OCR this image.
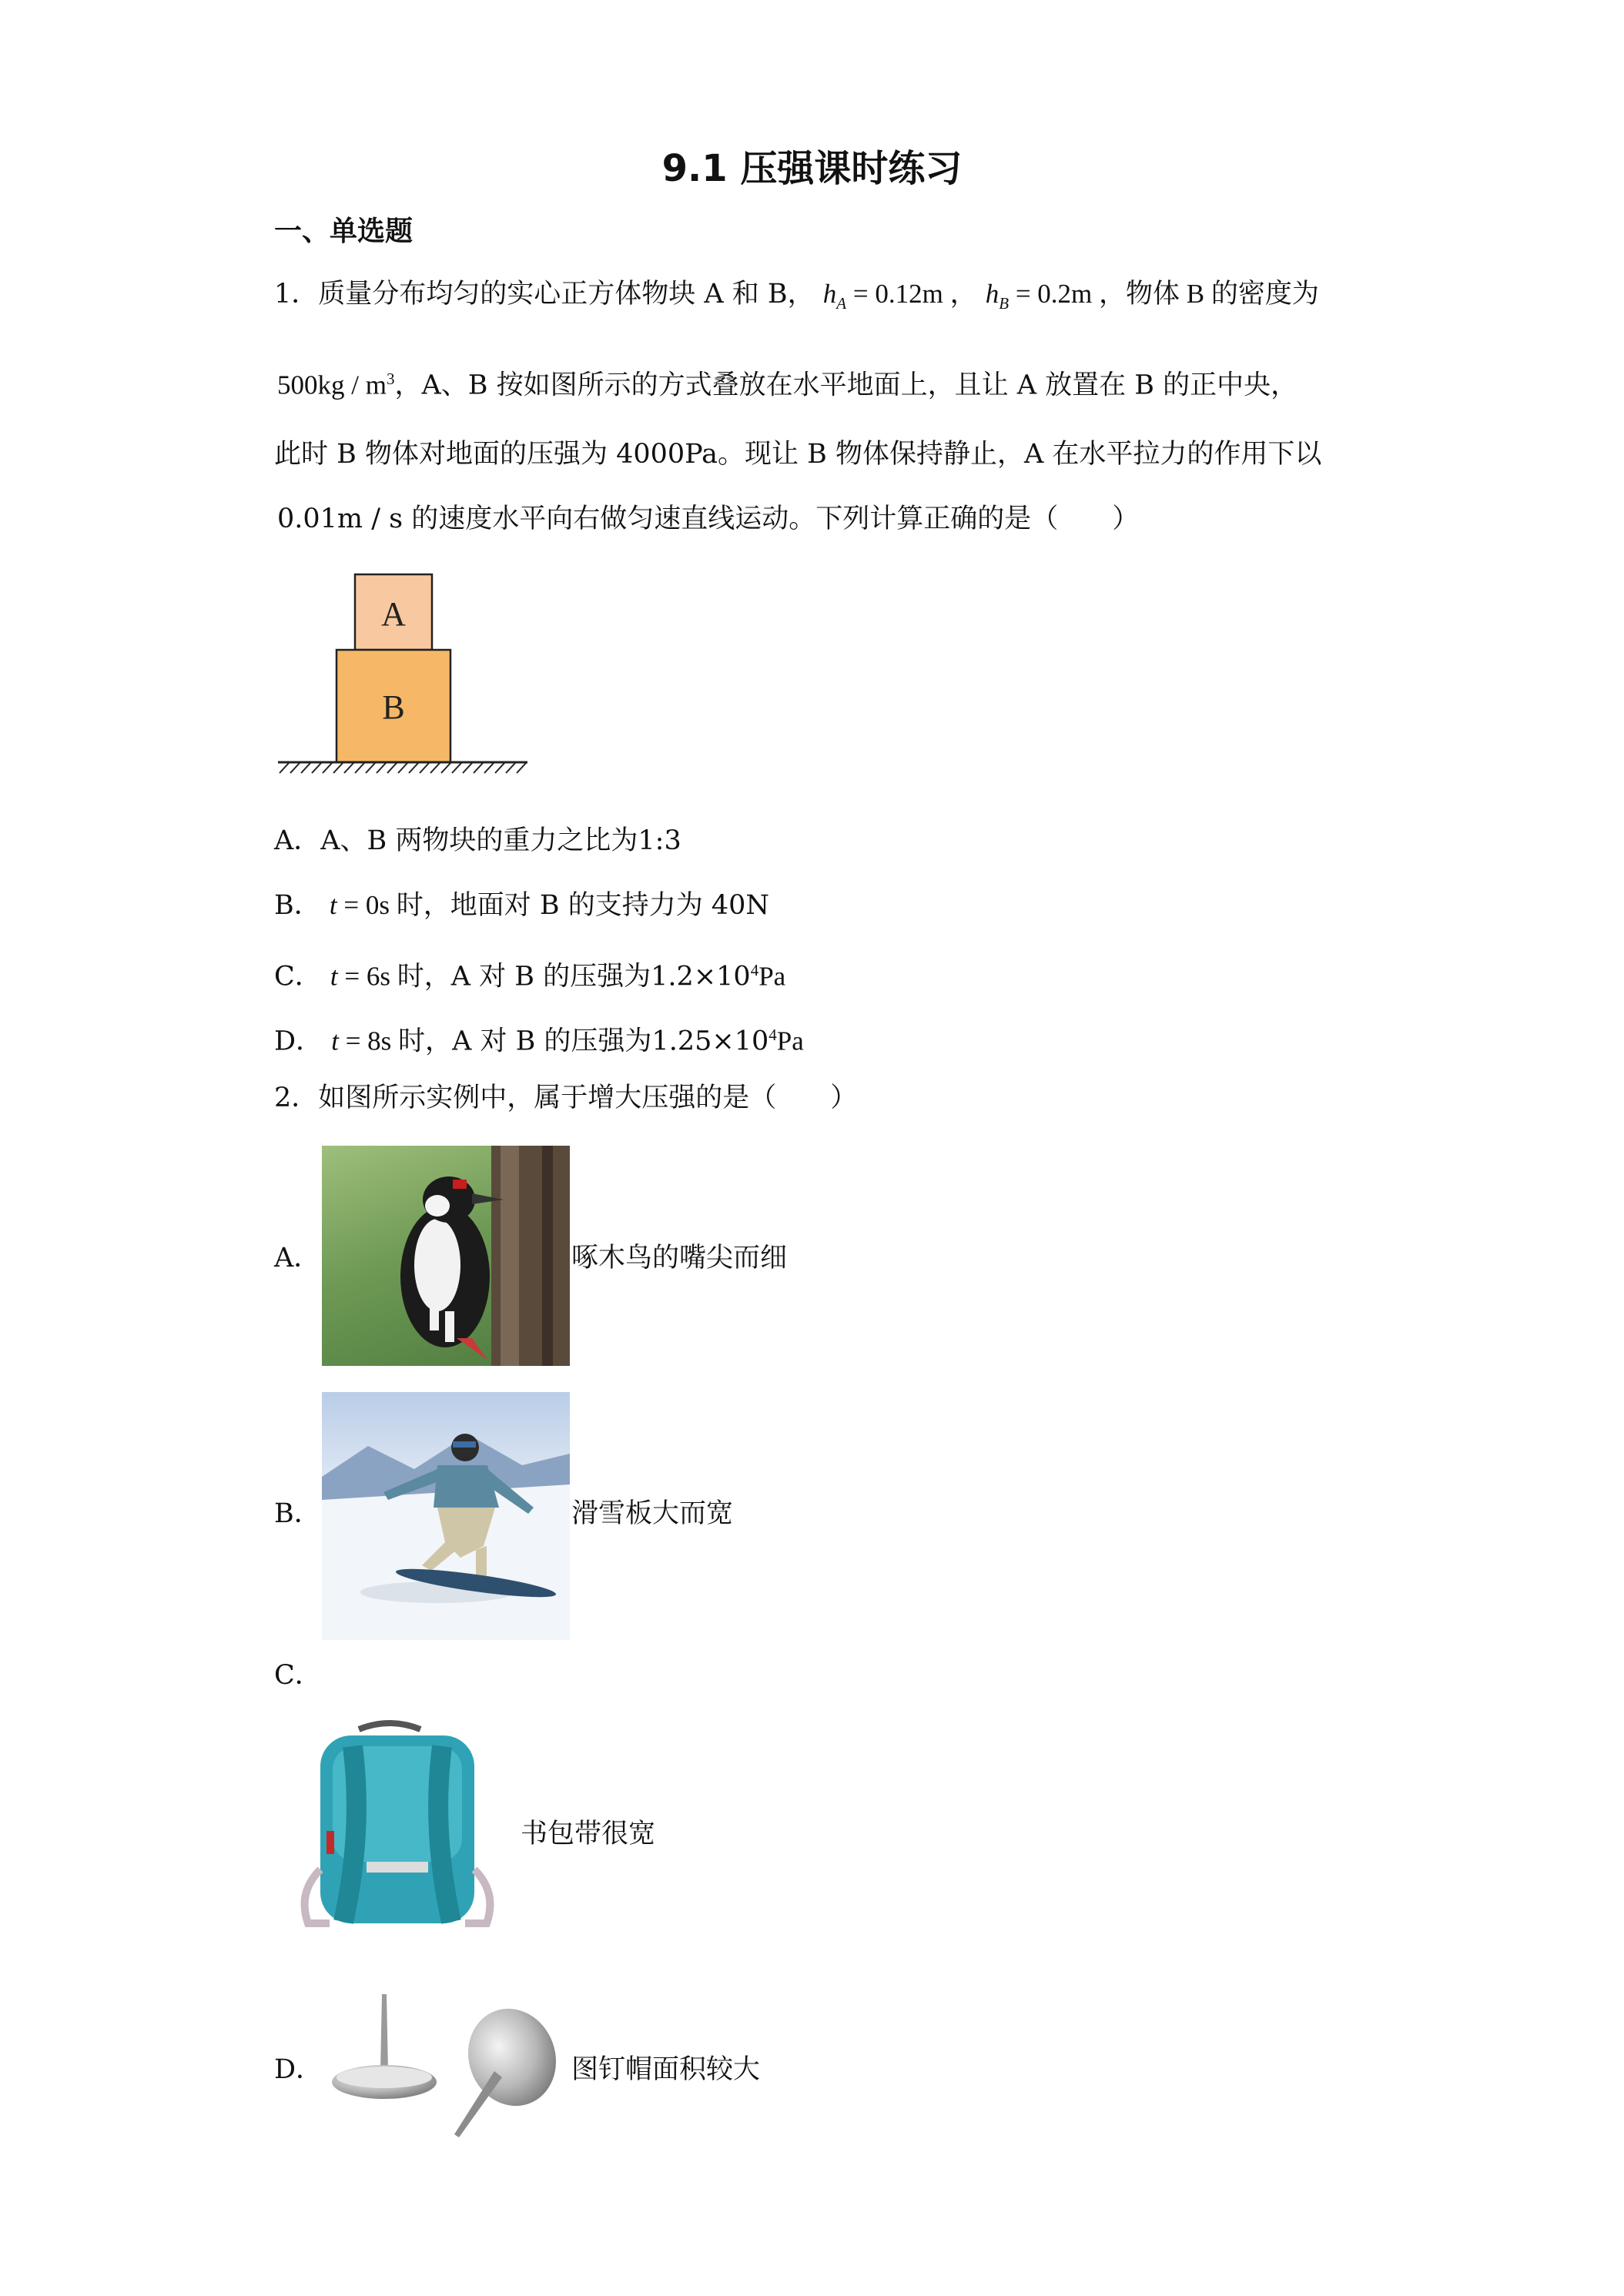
9.1 压强课时练习
一、单选题
1．质量分布均匀的实心正方体物块 A 和 B， $h_A = 0.12m$ ， $h_B = 0.2m$ ，物体 B 的密度为
$500kg / m^3$，A、B 按如图所示的方式叠放在水平地面上，且让 A 放置在 B 的正中央，
此时 B 物体对地面的压强为 4000Pa。现让 B 物体保持静止，A 在水平拉力的作用下以
0.01m / s 的速度水平向右做匀速直线运动。下列计算正确的是（　　）
A
B
A．A、B 两物块的重力之比为1:3
B． t = 0s 时，地面对 B 的支持力为 40N
C． t = 6s 时，A 对 B 的压强为$1.2\times 10^4Pa$
D． t = 8s 时，A 对 B 的压强为$1.25\times 10^4Pa$
2．如图所示实例中，属于增大压强的是（　　）
A．	啄木鸟的嘴尖而细
B．	滑雪板大而宽
C．
书包带很宽
D．	图钉帽面积较大
